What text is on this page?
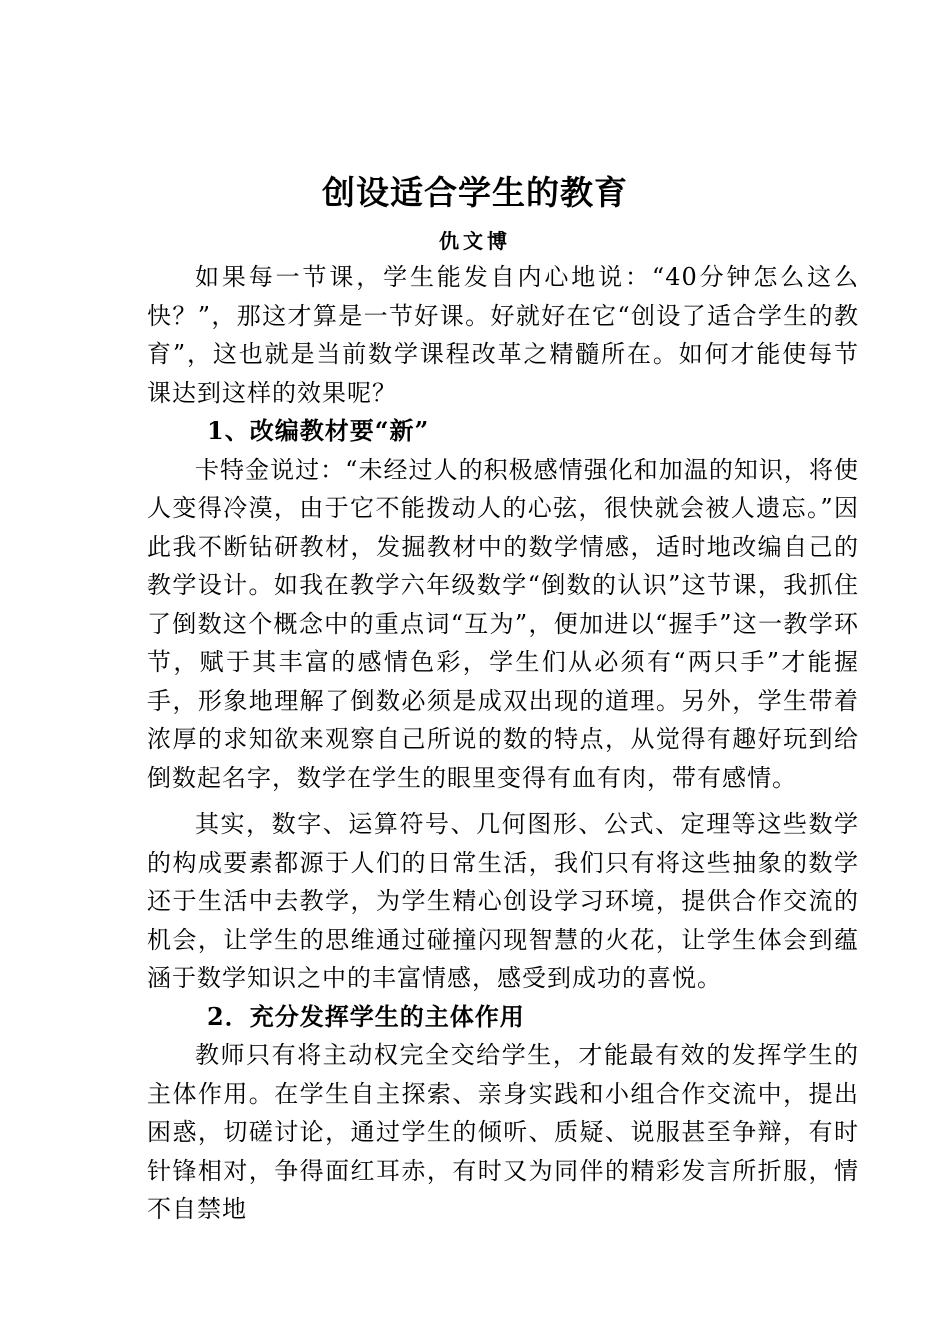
创设适合学生的教育
仇文博

如果每一节课，学生能发自内心地说：“40分钟怎么这么快？”，那这才算是一节好课。好就好在它“创设了适合学生的教育”，这也就是当前数学课程改革之精髓所在。如何才能使每节课达到这样的效果呢？

1、改编教材要“新”

卡特金说过：“未经过人的积极感情强化和加温的知识，将使人变得冷漠，由于它不能拨动人的心弦，很快就会被人遗忘。”因此我不断钻研教材，发掘教材中的数学情感，适时地改编自己的教学设计。如我在教学六年级数学“倒数的认识”这节课，我抓住了倒数这个概念中的重点词“互为”，便加进以“握手”这一教学环节，赋于其丰富的感情色彩，学生们从必须有“两只手”才能握手，形象地理解了倒数必须是成双出现的道理。另外，学生带着浓厚的求知欲来观察自己所说的数的特点，从觉得有趣好玩到给倒数起名字，数学在学生的眼里变得有血有肉，带有感情。

其实，数字、运算符号、几何图形、公式、定理等这些数学的构成要素都源于人们的日常生活，我们只有将这些抽象的数学还于生活中去教学，为学生精心创设学习环境，提供合作交流的机会，让学生的思维通过碰撞闪现智慧的火花，让学生体会到蕴涵于数学知识之中的丰富情感，感受到成功的喜悦。

2．充分发挥学生的主体作用

教师只有将主动权完全交给学生，才能最有效的发挥学生的主体作用。在学生自主探索、亲身实践和小组合作交流中，提出困惑，切磋讨论，通过学生的倾听、质疑、说服甚至争辩，有时针锋相对，争得面红耳赤，有时又为同伴的精彩发言所折服，情不自禁地
